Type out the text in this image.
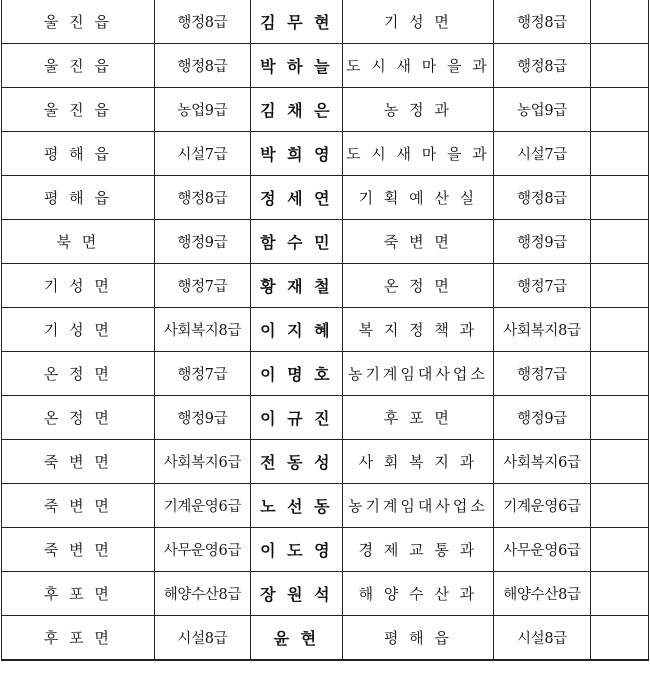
울 진 읍	행정8급	김 무 현	기 성 면	행정8급	
울 진 읍	행정8급	박 하 늘	도 시 새 마 을 과	행정8급	
울 진 읍	농업9급	김 채 은	농 정 과	농업9급	
평 해 읍	시설7급	박 희 영	도 시 새 마 을 과	시설7급	
평 해 읍	행정8급	정 세 연	기 획 예 산 실	행정8급	
북 면	행정9급	함 수 민	죽 변 면	행정9급	
기 성 면	행정7급	황 재 철	온 정 면	행정7급	
기 성 면	사회복지8급	이 지 혜	복 지 정 책 과	사회복지8급	
온 정 면	행정7급	이 명 호	농기계임대사업소	행정7급	
온 정 면	행정9급	이 규 진	후 포 면	행정9급	
죽 변 면	사회복지6급	전 동 성	사 회 복 지 과	사회복지6급	
죽 변 면	기계운영6급	노 선 동	농기계임대사업소	기계운영6급	
죽 변 면	사무운영6급	이 도 영	경 제 교 통 과	사무운영6급	
후 포 면	해양수산8급	장 원 석	해 양 수 산 과	해양수산8급	
후 포 면	시설8급	윤 현	평 해 읍	시설8급	
